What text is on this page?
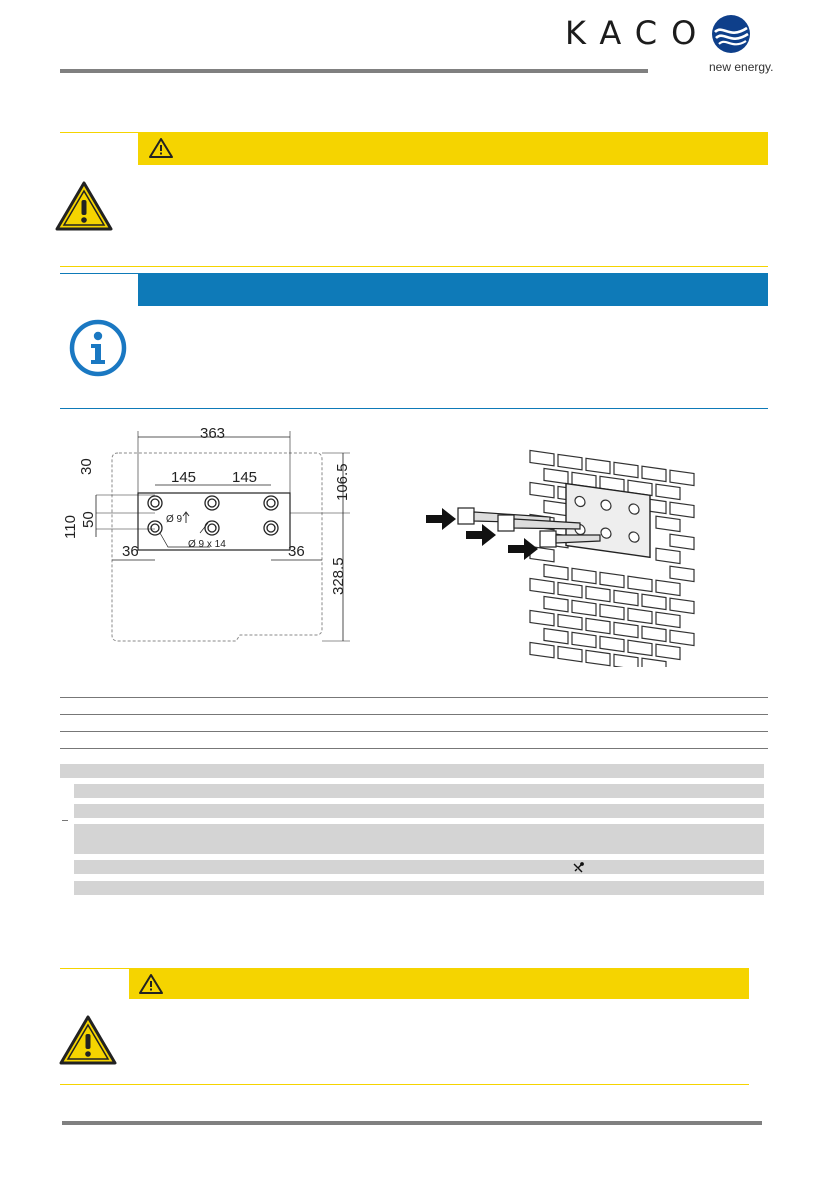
KACO
new energy.
363
145 145
30
110 50
36	36
106.5
328.5
Ø 9
Ø 9 x 14
